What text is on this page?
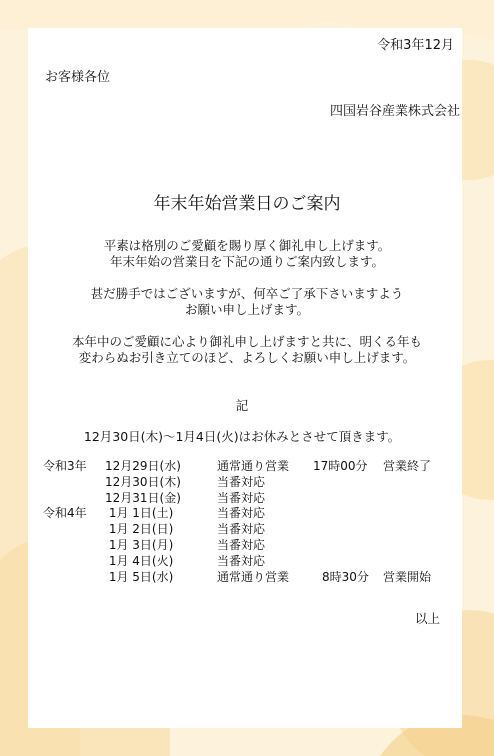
令和3年12月
お客様各位
四国岩谷産業株式会社
年末年始営業日のご案内
平素は格別のご愛顧を賜り厚く御礼申し上げます。
年末年始の営業日を下記の通りご案内致します。
甚だ勝手ではございますが、何卒ご了承下さいますよう
お願い申し上げます。
本年中のご愛顧に心より御礼申し上げますと共に、明くる年も
変わらぬお引き立てのほど、よろしくお願い申し上げます。
記
12月30日(木)～1月4日(火)はお休みとさせて頂きます。
令和3年 12月29日(水)	通常通り営業 17時00分 営業終了
12月30日(木)	当番対応
12月31日(金)	当番対応
令和4年 1月 1日(土)	当番対応
1月 2日(日)	当番対応
1月 3日(月)	当番対応
1月 4日(火)	当番対応
1月 5日(水)	通常通り営業	8時30分 営業開始
以上
